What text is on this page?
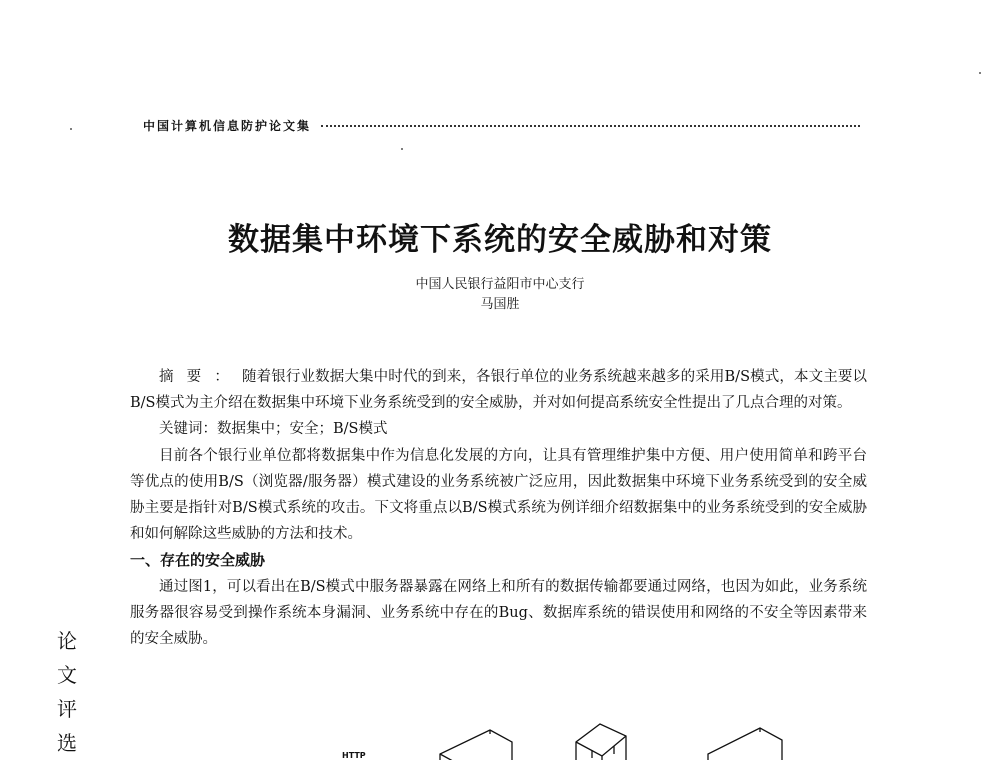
中国计算机信息防护论文集
数据集中环境下系统的安全威胁和对策
中国人民银行益阳市中心支行
马国胜

摘要：随着银行业数据大集中时代的到来，各银行单位的业务系统越来越多的采用B/S模式，本文主要以B/S模式为主介绍在数据集中环境下业务系统受到的安全威胁，并对如何提高系统安全性提出了几点合理的对策。

关键词：数据集中；安全；B/S模式

目前各个银行业单位都将数据集中作为信息化发展的方向，让具有管理维护集中方便、用户使用简单和跨平台等优点的使用B/S（浏览器/服务器）模式建设的业务系统被广泛应用，因此数据集中环境下业务系统受到的安全威胁主要是指针对B/S模式系统的攻击。下文将重点以B/S模式系统为例详细介绍数据集中的业务系统受到的安全威胁和如何解除这些威胁的方法和技术。

一、存在的安全威胁

通过图1，可以看出在B/S模式中服务器暴露在网络上和所有的数据传输都要通过网络，也因为如此，业务系统服务器很容易受到操作系统本身漏洞、业务系统中存在的Bug、数据库系统的错误使用和网络的不安全等因素带来的安全威胁。

论
文
评
选
HTTP
